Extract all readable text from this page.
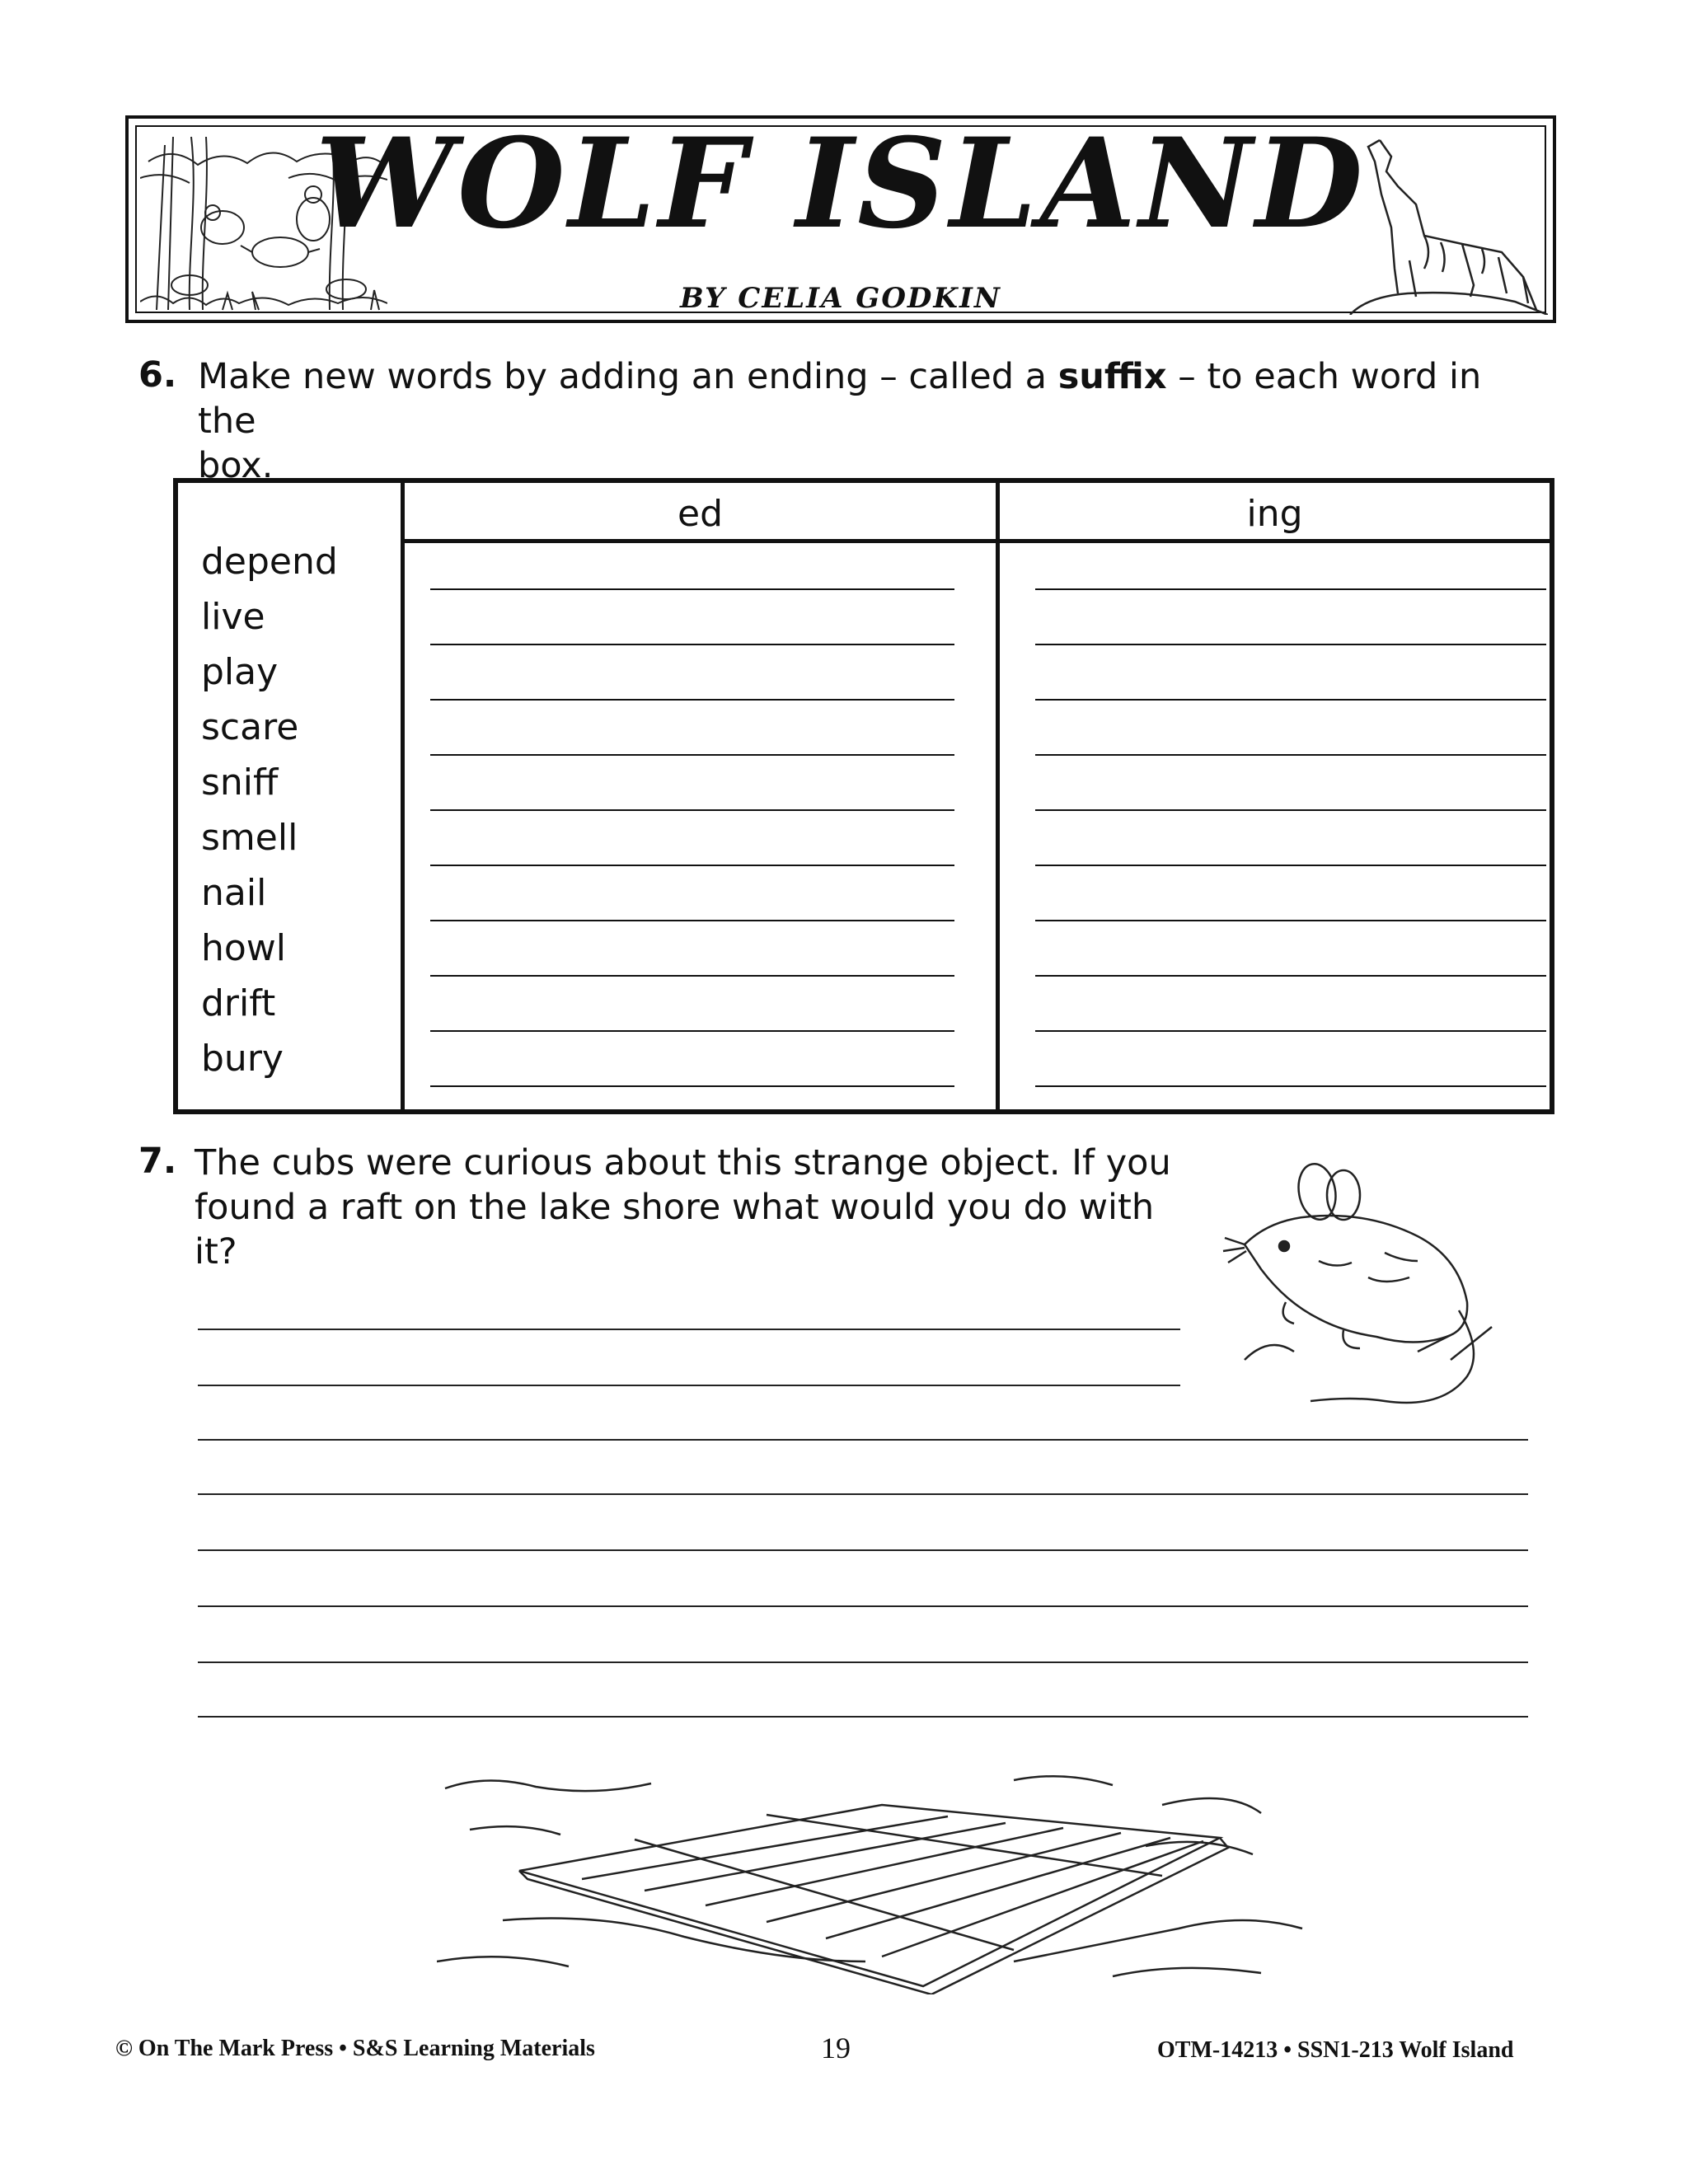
WOLF ISLAND
BY CELIA GODKIN
6. Make new words by adding an ending – called a suffix – to each word in the
box.
ed	ing
depend
live
play
scare
sniff
smell
nail
howl
drift
bury
7. The cubs were curious about this strange object. If you
found a raft on the lake shore what would you do with it?
© On The Mark Press • S&S Learning Materials	19	OTM-14213 • SSN1-213 Wolf Island
